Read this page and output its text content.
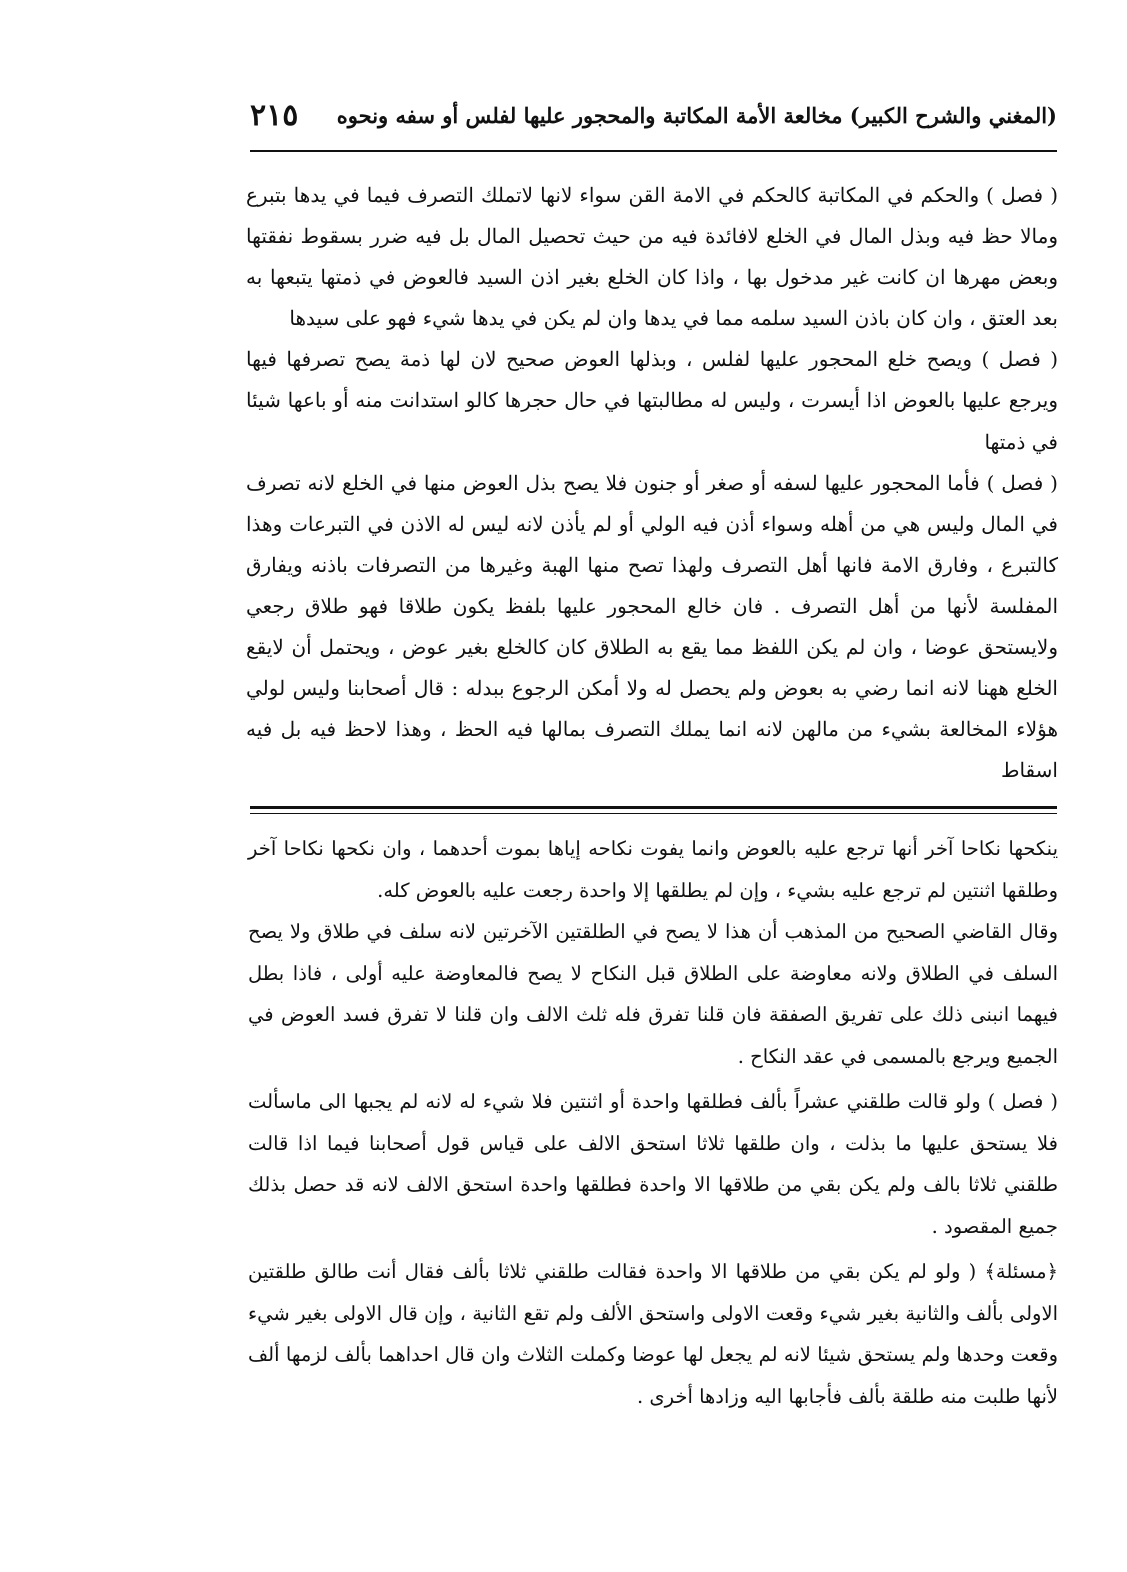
(المغني والشرح الكبير) مخالعة الأمة المكاتبة والمحجور عليها لفلس أو سفه ونحوه
٢١٥

( فصل ) والحكم في المكاتبة كالحكم في الامة القن سواء لانها لاتملك التصرف فيما في يدها بتبرع ومالا حظ فيه وبذل المال في الخلع لافائدة فيه من حيث تحصيل المال بل فيه ضرر بسقوط نفقتها وبعض مهرها ان كانت غير مدخول بها ، واذا كان الخلع بغير اذن السيد فالعوض في ذمتها يتبعها به بعد العتق ، وان كان باذن السيد سلمه مما في يدها وان لم يكن في يدها شيء فهو على سيدها

( فصل ) ويصح خلع المحجور عليها لفلس ، وبذلها العوض صحيح لان لها ذمة يصح تصرفها فيها ويرجع عليها بالعوض اذا أيسرت ، وليس له مطالبتها في حال حجرها كالو استدانت منه أو باعها شيئا في ذمتها

( فصل ) فأما المحجور عليها لسفه أو صغر أو جنون فلا يصح بذل العوض منها في الخلع لانه تصرف في المال وليس هي من أهله وسواء أذن فيه الولي أو لم يأذن لانه ليس له الاذن في التبرعات وهذا كالتبرع ، وفارق الامة فانها أهل التصرف ولهذا تصح منها الهبة وغيرها من التصرفات باذنه ويفارق المفلسة لأنها من أهل التصرف . فان خالع المحجور عليها بلفظ يكون طلاقا فهو طلاق رجعي ولايستحق عوضا ، وان لم يكن اللفظ مما يقع به الطلاق كان كالخلع بغير عوض ، ويحتمل أن لايقع الخلع ههنا لانه انما رضي به بعوض ولم يحصل له ولا أمكن الرجوع ببدله : قال أصحابنا وليس لولي هؤلاء المخالعة بشيء من مالهن لانه انما يملك التصرف بمالها فيه الحظ ، وهذا لاحظ فيه بل فيه اسقاط

ينكحها نكاحا آخر أنها ترجع عليه بالعوض وانما يفوت نكاحه إياها بموت أحدهما ، وان نكحها نكاحا آخر وطلقها اثنتين لم ترجع عليه بشيء ، وإن لم يطلقها إلا واحدة رجعت عليه بالعوض كله.

وقال القاضي الصحيح من المذهب أن هذا لا يصح في الطلقتين الآخرتين لانه سلف في طلاق ولا يصح السلف في الطلاق ولانه معاوضة على الطلاق قبل النكاح لا يصح فالمعاوضة عليه أولى ، فاذا بطل فيهما انبنى ذلك على تفريق الصفقة فان قلنا تفرق فله ثلث الالف وان قلنا لا تفرق فسد العوض في الجميع ويرجع بالمسمى في عقد النكاح .

( فصل ) ولو قالت طلقني عشراً بألف فطلقها واحدة أو اثنتين فلا شيء له لانه لم يجبها الى ماسألت فلا يستحق عليها ما بذلت ، وان طلقها ثلاثا استحق الالف على قياس قول أصحابنا فيما اذا قالت طلقني ثلاثا بالف ولم يكن بقي من طلاقها الا واحدة فطلقها واحدة استحق الالف لانه قد حصل بذلك جميع المقصود .

﴿مسئلة﴾ ( ولو لم يكن بقي من طلاقها الا واحدة فقالت طلقني ثلاثا بألف فقال أنت طالق طلقتين الاولى بألف والثانية بغير شيء وقعت الاولى واستحق الألف ولم تقع الثانية ، وإن قال الاولى بغير شيء وقعت وحدها ولم يستحق شيئا لانه لم يجعل لها عوضا وكملت الثلاث وان قال احداهما بألف لزمها ألف لأنها طلبت منه طلقة بألف فأجابها اليه وزادها أخرى .
